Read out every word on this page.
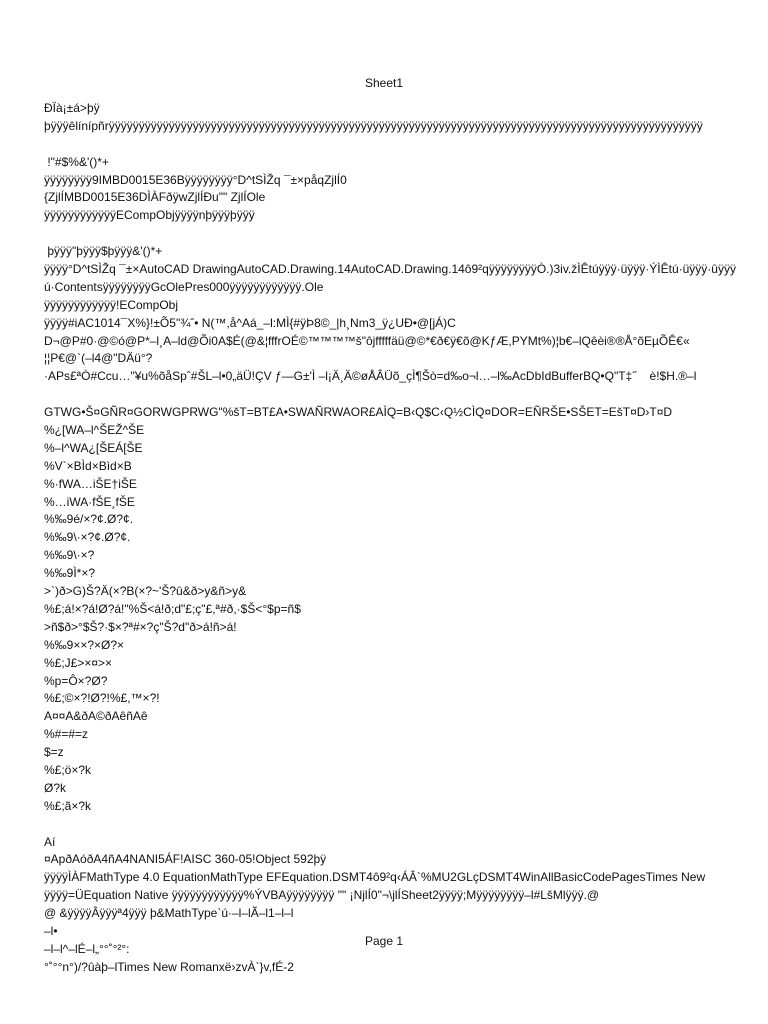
Sheet1
ÐÏà¡±á>þÿ
þÿÿÿêlínípñrÿÿÿÿÿÿÿÿÿÿÿÿÿÿÿÿÿÿÿÿÿÿÿÿÿÿÿÿÿÿÿÿÿÿÿÿÿÿÿÿÿÿÿÿÿÿÿÿÿÿÿÿÿÿÿÿÿÿÿÿÿÿÿÿÿÿÿÿÿÿÿÿÿÿÿÿÿÿÿÿÿÿÿÿÿÿÿÿÿÿÿÿÿÿÿÿÿÿÿ
!"#$%&'()*+
ÿÿÿÿÿÿÿÿ9IMBD0015E36Bÿÿÿÿÿÿÿÿ°D^tSÌŽq ¯±×påqZjlÍ0
{ZjlÍMBD0015E36DÌÀFðÿwZjlÍÐu"" ZjlÍOle
ÿÿÿÿÿÿÿÿÿÿÿÿECompObjÿÿÿÿnþÿÿÿþÿÿÿ
þÿÿÿ"þÿÿÿ$þÿÿÿ&'()*+
ÿÿÿÿ°D^tSÌŽq ¯±×AutoCAD DrawingAutoCAD.Drawing.14AutoCAD.Drawing.14ô9²qÿÿÿÿÿÿÿÿÒ.)3iv.žÌÊtúÿÿÿ·üÿÿÿ·ÝÌÊtú·üÿÿÿ·ûÿÿÿ
ú·ContentsÿÿÿÿÿÿÿÿGcOlePres000ÿÿÿÿÿÿÿÿÿÿÿÿ.Ole
ÿÿÿÿÿÿÿÿÿÿÿÿ!ECompObj
ÿÿÿÿ#iAC1014¯X%}!±Õ5"¾ˆ• N(™,å^Aá_–l:MÌ{#ÿÞ8©_|h¸Nm3_ÿ¿UÐ•@[jÁ)C
D¬@P#0·@©ó@P*–l¸A–ld@Õi0A$É(@&¦fffrOÉ©™™™™š"ôjfffffäü@©*€ð€ÿ€õ@KƒÆ,PYMt%)¦b€–lQêèi®®Å°õEµÕÊ€«
¦¦P€@`(–l4@"DÄü°?
·APs£ªÒ#Ccu…"¥u%õåSpˆ#ŠL–l•0„äÜ!ÇV ƒ—G±'Ì –l¡Ä¸Ä©øÅÂÜõ_çÌ¶Šò=d‰o¬l…–l‰AcDbIdBufferBQ•Q"T‡˝    è!$H.®–l
GTWG•Š¤GÑR¤GORWGPRWG"%šT=BT£A•SWAÑRWAOR£AÌQ=B‹Q$C‹Q½CÌQ¤DOR=EÑRŠE•SŠET=EšT¤D›T¤D
%¿[WA–l^ŠEŽ^ŠE
%–l^WA¿[ŠEÁ[ŠE
%V`×BÌd×Bìd×B
%·fWA…iŠE†iŠE
%…iWA·fŠE¸fŠE
%‰9é/×?¢.Ø?¢.
%‰9\·×?¢.Ø?¢.
%‰9\·×?
%‰9Ì*×?
>`)ð>G)Š?Ä(×?B(×?~'Š?û&ð>y&ñ>y&
%£;á!×?á!Ø?á!"%Š<á!ð;d"£;ç"£,ª#ð,·$Š<°$p=ñ$
>ñ$ð>°$Š?·$×?ª#×?ç"Š?d"ð>á!ñ>á!
%‰9××?×Ø?×
%£;J£>×¤>×
%p=Ô×?Ø?
%£;©×?!Ø?!%£,™×?!
A¤¤A&ðA©ðAêñAê
%#=#=z
$=z
%£;ö×?k
Ø?k
%£;ã×?k
Aí
¤ApðAóðA4ñA4NANI5ÁF!AISC 360-05!Object 592þÿ
ÿÿÿÿÌÀFMathType 4.0 EquationMathType EFEquation.DSMT4ô9²q‹ÁÂ`%MU2GLçDSMT4WinAllBasicCodePagesTimes New
ÿÿÿÿ=ÜEquation Native ÿÿÿÿÿÿÿÿÿÿÿÿ%ÝVBAÿÿÿÿÿÿÿÿ "" ¡NjlÍ0"¬\jlÍSheet2ÿÿÿÿ;Mÿÿÿÿÿÿÿÿ–l#LšMlÿÿÿ.@
@ &ÿÿÿÿÂÿÿÿª4ÿÿÿ þ&MathType`ú·–l–lÃ–l1–l–l
–l•
–l–l^–lÉ–l„°°˚°²°:
°˚°°n°)/?ûàþ–lTimes New Romanxë›zvÀ`}v,fÉ-2
Page 1
